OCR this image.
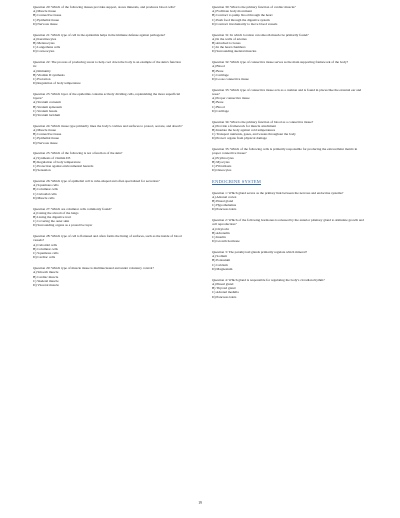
Question 20: Which of the following tissues provides support, stores minerals, and produces blood cells?
A) Muscle tissue
B) Connective tissue
C) Epithelial tissue
D) Nervous tissue
Question 21: Which type of cell in the epidermis helps in the immune defense against pathogens?
A) Keratinocytes
B) Melanocytes
C) Langerhans cells
D) Corneocytes
Question 22: The process of producing sweat to help cool down the body is an example of the skin's function in:
A) Immunity
B) Vitamin D synthesis
C) Excretion
D) Regulation of body temperature
Question 23: Which layer of the epidermis contains actively dividing cells, replenishing the more superficial layers?
A) Stratum corneum
B) Stratum spinosum
C) Stratum basale
D) Stratum lucidum
Question 24: Which tissue type primarily lines the body's cavities and surfaces to protect, secrete, and absorb?
A) Muscle tissue
B) Connective tissue
C) Epithelial tissue
D) Nervous tissue
Question 25: Which of the following is not a function of the skin?
A) Synthesis of vitamin D3
B) Regulation of body temperature
C) Protection against environmental hazards
D) Sensation
Question 26: Which type of epithelial cell is cube-shaped and often specialized for secretion?
A) Squamous cells
B) Columnar cells
C) Cuboidal cells
D) Muscle cells
Question 27: Which are columnar cells commonly found?
A) Lining the alveoli of the lungs
B) Lining the digestive tract
C) Covering the outer skin
D) Surrounding organs as a protective layer
Question 28: Which type of cell is flattened and often forms the lining of surfaces, such as the inside of blood vessels?
A) Cuboidal cells
B) Columnar cells
C) Squamous cells
D) Cardiac cells
Question 29: Which type of muscle tissue is multinucleated and under voluntary control?
A) Smooth muscle
B) Cardiac muscle
C) Skeletal muscle
D) Visceral muscle
Question 30: What is the primary function of cardiac muscle?
A) Facilitate body movement
B) Contract to pump blood through the heart
C) Push food through the digestive system
D) Contract involuntarily to move blood vessels
Question 31: In which location can smooth muscle be primarily found?
A) In the walls of arteries
B) Attached to bones
C) In the heart chambers
D) Surrounding skeletal muscles
Question 32: Which type of connective tissue serves as the main supporting framework of the body?
A) Blood
B) Bone
C) Cartilage
D) Loose connective tissue
Question 33: Which type of connective tissue acts as a cushion and is found in places like the external ear and nose?
A) Proper connective tissue
B) Bone
C) Blood
D) Cartilage
Question 34: What is the primary function of blood as a connective tissue?
A) Provide a framework for muscle attachment
B) Insulate the body against cold temperatures
C) Transport nutrients, gases, and wastes throughout the body
D) Protect organs from physical damage
Question 35: Which of the following cells is primarily responsible for producing the extracellular matrix in proper connective tissue?
A) Erythrocytes
B) Myocytes
C) Fibroblasts
D) Osteocytes
ENDOCRINE SYSTEM
Question 1: Which gland serves as the primary link between the nervous and endocrine systems?
A) Adrenal cortex
B) Pineal gland
C) Hypothalamus
D) Pancreas islets
Question 2: Which of the following hormones is released by the anterior pituitary gland to stimulate growth and cell reproduction?
A) Oxytocin
B) Adrenalin
C) Insulin
D) Growth hormone
Question 3: The parathyroid glands primarily regulate which mineral?
A) Sodium
B) Potassium
C) Calcium
D) Magnesium
Question 4: Which gland is responsible for regulating the body's circadian rhythm?
A) Pineal gland
B) Thyroid gland
C) Adrenal medulla
D) Pancreas islets
19
